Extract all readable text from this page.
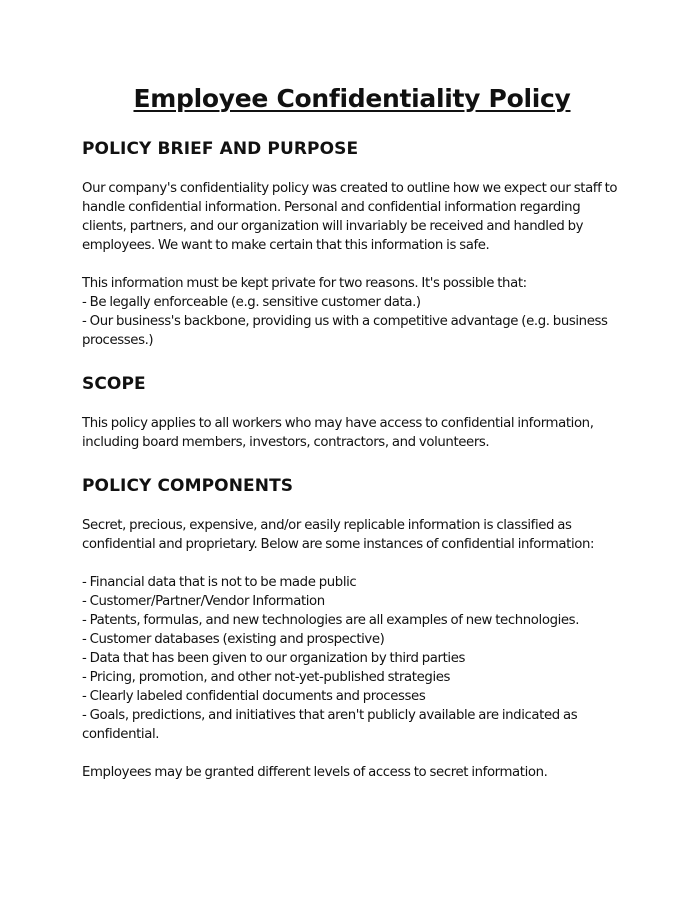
Employee Confidentiality Policy
POLICY BRIEF AND PURPOSE

Our company's confidentiality policy was created to outline how we expect our staff to handle confidential information. Personal and confidential information regarding clients, partners, and our organization will invariably be received and handled by employees. We want to make certain that this information is safe.

This information must be kept private for two reasons. It's possible that:

- Be legally enforceable (e.g. sensitive customer data.)

- Our business's backbone, providing us with a competitive advantage (e.g. business processes.)

SCOPE

This policy applies to all workers who may have access to confidential information, including board members, investors, contractors, and volunteers.

POLICY COMPONENTS

Secret, precious, expensive, and/or easily replicable information is classified as confidential and proprietary. Below are some instances of confidential information:

- Financial data that is not to be made public

- Customer/Partner/Vendor Information

- Patents, formulas, and new technologies are all examples of new technologies.

- Customer databases (existing and prospective)

- Data that has been given to our organization by third parties

- Pricing, promotion, and other not-yet-published strategies

- Clearly labeled confidential documents and processes

- Goals, predictions, and initiatives that aren't publicly available are indicated as confidential.

Employees may be granted different levels of access to secret information.
